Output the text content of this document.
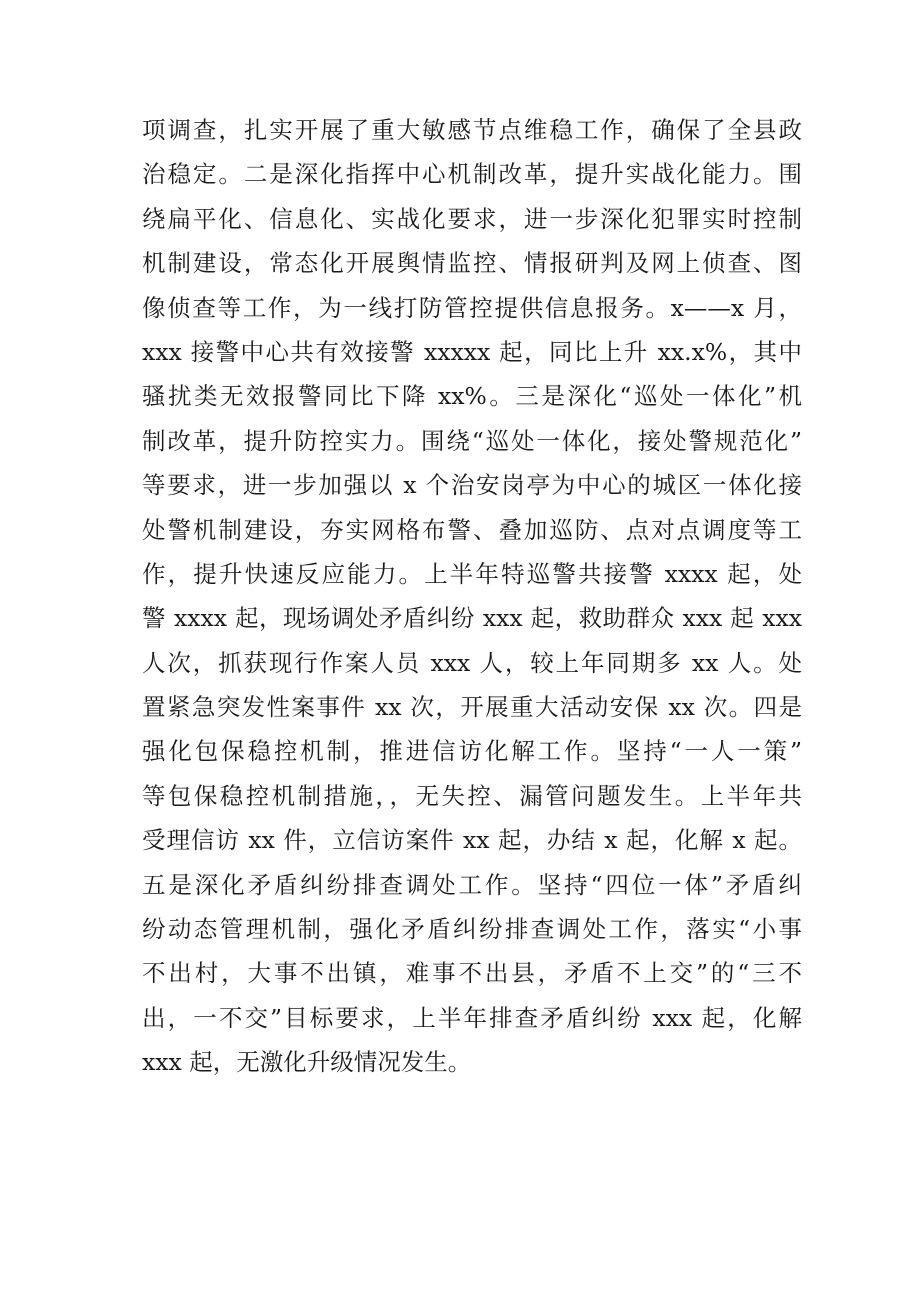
项调查，扎实开展了重大敏感节点维稳工作，确保了全县政
治稳定。二是深化指挥中心机制改革，提升实战化能力。围
绕扁平化、信息化、实战化要求，进一步深化犯罪实时控制
机制建设，常态化开展舆情监控、情报研判及网上侦查、图
像侦查等工作，为一线打防管控提供信息报务。x——x 月，
xxx 接警中心共有效接警 xxxxx 起，同比上升 xx.x%，其中
骚扰类无效报警同比下降 xx%。三是深化“巡处一体化”机
制改革，提升防控实力。围绕“巡处一体化，接处警规范化”
等要求，进一步加强以 x 个治安岗亭为中心的城区一体化接
处警机制建设，夯实网格布警、叠加巡防、点对点调度等工
作，提升快速反应能力。上半年特巡警共接警 xxxx 起，处
警 xxxx 起，现场调处矛盾纠纷 xxx 起，救助群众 xxx 起 xxx
人次，抓获现行作案人员 xxx 人，较上年同期多 xx 人。处
置紧急突发性案事件 xx 次，开展重大活动安保 xx 次。四是
强化包保稳控机制，推进信访化解工作。坚持“一人一策”
等包保稳控机制措施，，无失控、漏管问题发生。上半年共
受理信访 xx 件，立信访案件 xx 起，办结 x 起，化解 x 起。
五是深化矛盾纠纷排查调处工作。坚持“四位一体”矛盾纠
纷动态管理机制，强化矛盾纠纷排查调处工作，落实“小事
不出村，大事不出镇，难事不出县，矛盾不上交”的“三不
出，一不交”目标要求，上半年排查矛盾纠纷 xxx 起，化解
xxx 起，无激化升级情况发生。
